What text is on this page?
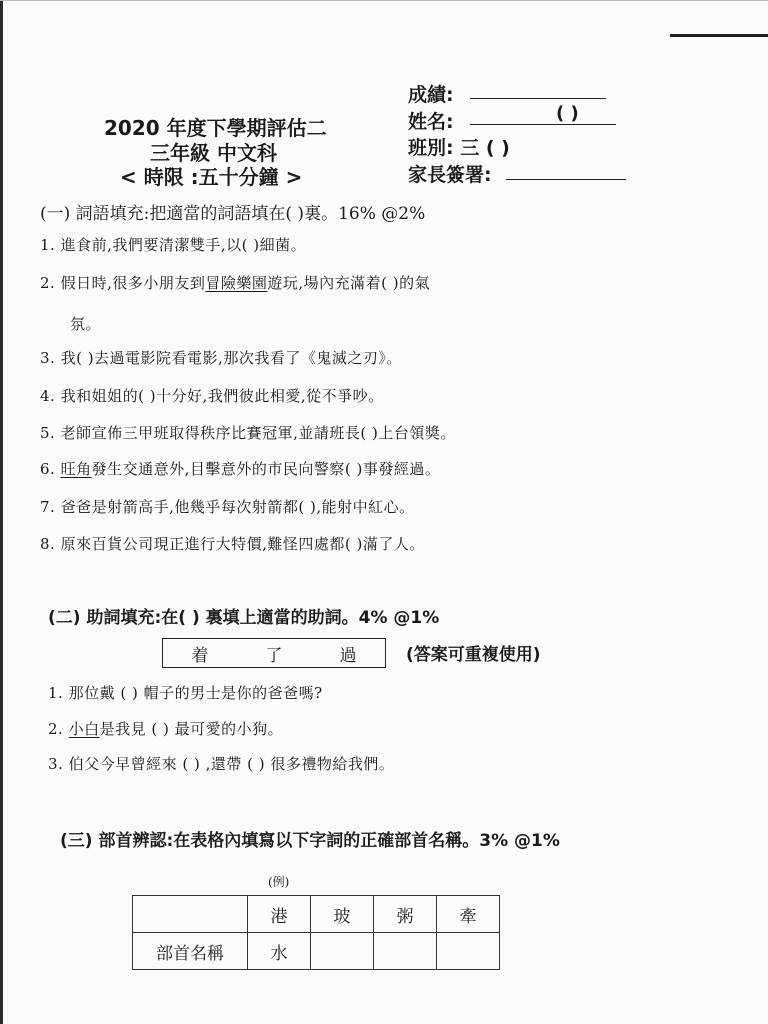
2020 年度下學期評估二
三年級 中文科
< 時限 :五十分鐘 >
成績:
姓名:	( )
班別: 三 ( )
家長簽署:
(一) 詞語填充:把適當的詞語填在( )裏。16% @2%
1. 進食前,我們要清潔雙手,以( )細菌。
2. 假日時,很多小朋友到冒險樂園遊玩,場內充滿着( )的氣
氛。
3. 我( )去過電影院看電影,那次我看了《鬼滅之刃》。
4. 我和姐姐的( )十分好,我們彼此相愛,從不爭吵。
5. 老師宣佈三甲班取得秩序比賽冠軍,並請班長( )上台領獎。
6. 旺角發生交通意外,目擊意外的市民向警察( )事發經過。
7. 爸爸是射箭高手,他幾乎每次射箭都( ),能射中紅心。
8. 原來百貨公司現正進行大特價,難怪四處都( )滿了人。
(二) 助詞填充:在( ) 裏填上適當的助詞。4% @1%
着	了	過	(答案可重複使用)
1. 那位戴 ( ) 帽子的男士是你的爸爸嗎?
2. 小白是我見 ( ) 最可愛的小狗。
3. 伯父今早曾經來 ( ) ,還帶 ( ) 很多禮物給我們。
(三) 部首辨認:在表格內填寫以下字詞的正確部首名稱。3% @1%
(例)
	港	玻	粥	牽
部首名稱	水			
